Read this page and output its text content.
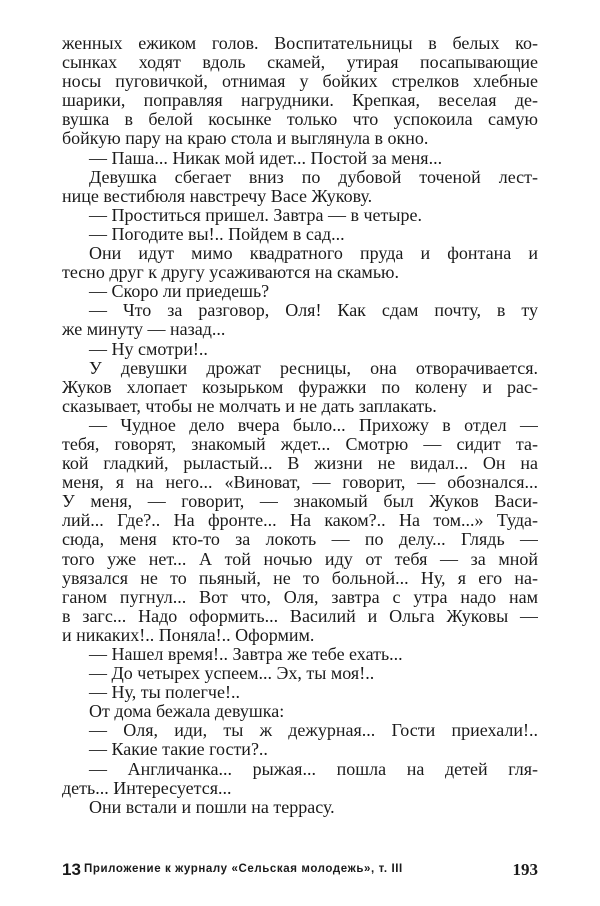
женных ежиком голов. Воспитательницы в белых ко-
сынках ходят вдоль скамей, утирая посапывающие
носы пуговичкой, отнимая у бойких стрелков хлебные
шарики, поправляя нагрудники. Крепкая, веселая де-
вушка в белой косынке только что успокоила самую
бойкую пару на краю стола и выглянула в окно.
— Паша... Никак мой идет... Постой за меня...
Девушка сбегает вниз по дубовой точеной лест-
нице вестибюля навстречу Васе Жукову.
— Проститься пришел. Завтра — в четыре.
— Погодите вы!.. Пойдем в сад...
Они идут мимо квадратного пруда и фонтана и
тесно друг к другу усаживаются на скамью.
— Скоро ли приедешь?
— Что за разговор, Оля! Как сдам почту, в ту
же минуту — назад...
— Ну смотри!..
У девушки дрожат ресницы, она отворачивается.
Жуков хлопает козырьком фуражки по колену и рас-
сказывает, чтобы не молчать и не дать заплакать.
— Чудное дело вчера было... Прихожу в отдел —
тебя, говорят, знакомый ждет... Смотрю — сидит та-
кой гладкий, рыластый... В жизни не видал... Он на
меня, я на него... «Виноват, — говорит, — обознался...
У меня, — говорит, — знакомый был Жуков Васи-
лий... Где?.. На фронте... На каком?.. На том...» Туда-
сюда, меня кто-то за локоть — по делу... Глядь —
того уже нет... А той ночью иду от тебя — за мной
увязался не то пьяный, не то больной... Ну, я его на-
ганом пугнул... Вот что, Оля, завтра с утра надо нам
в загс... Надо оформить... Василий и Ольга Жуковы —
и никаких!.. Поняла!.. Оформим.
— Нашел время!.. Завтра же тебе ехать...
— До четырех успеем... Эх, ты моя!..
— Ну, ты полегче!..
От дома бежала девушка:
— Оля, иди, ты ж дежурная... Гости приехали!..
— Какие такие гости?..
— Англичанка... рыжая... пошла на детей гля-
деть... Интересуется...
Они встали и пошли на террасу.
13 Приложение к журналу «Сельская молодежь», т. III	193
